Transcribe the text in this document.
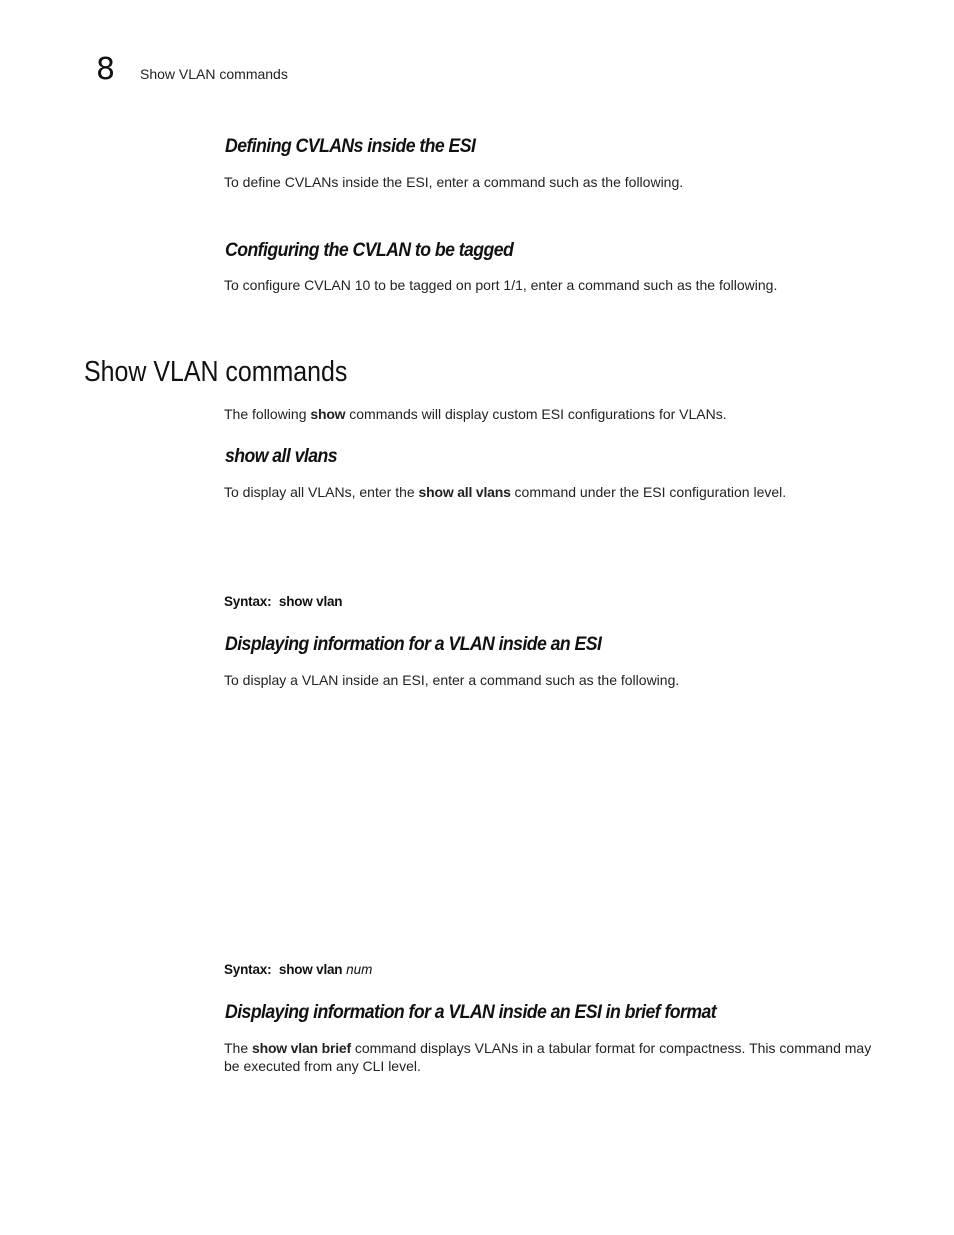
8 Show VLAN commands
Defining CVLANs inside the ESI
To define CVLANs inside the ESI, enter a command such as the following.
Configuring the CVLAN to be tagged
To configure CVLAN 10 to be tagged on port 1/1, enter a command such as the following.
Show VLAN commands
The following show commands will display custom ESI configurations for VLANs.
show all vlans
To display all VLANs, enter the show all vlans command under the ESI configuration level.
Syntax: show vlan
Displaying information for a VLAN inside an ESI
To display a VLAN inside an ESI, enter a command such as the following.
Syntax: show vlan num
Displaying information for a VLAN inside an ESI in brief format
The show vlan brief command displays VLANs in a tabular format for compactness. This command may be executed from any CLI level.
